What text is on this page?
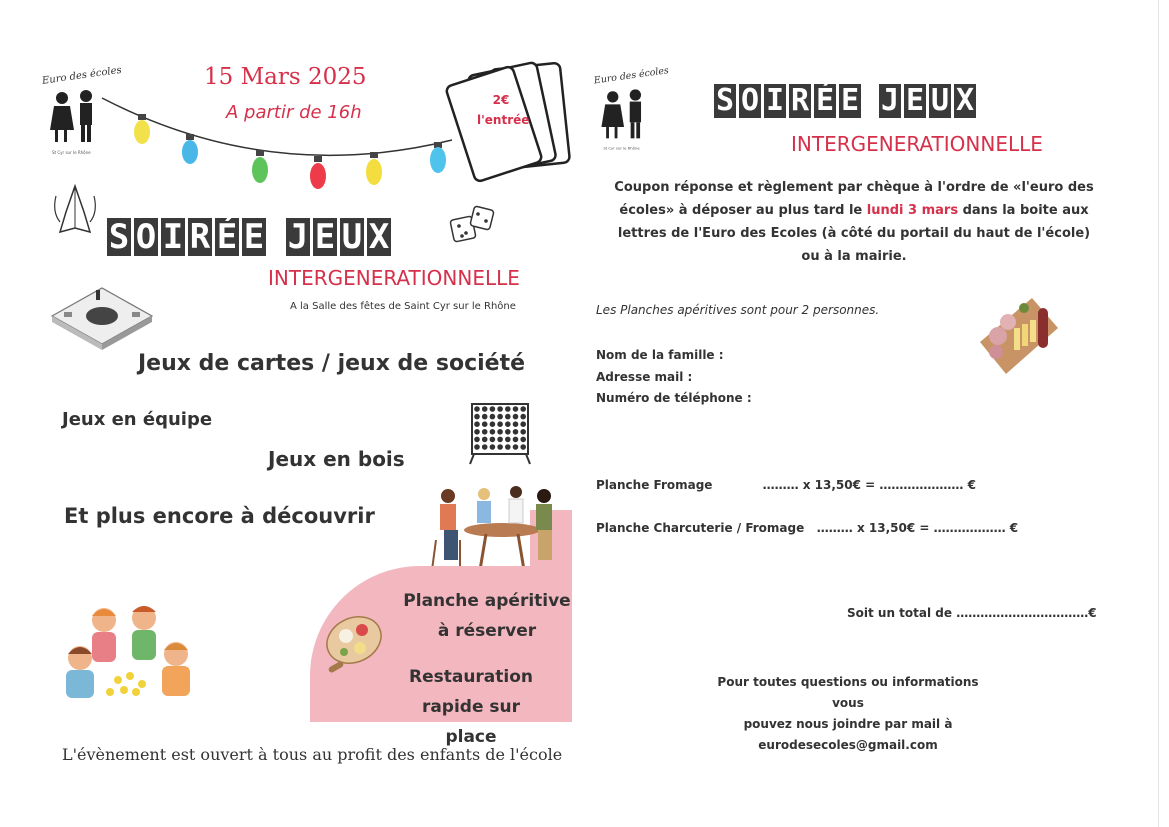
Euro des écoles
St Cyr sur le Rhône
15 Mars 2025
A partir de 16h
2€
l'entrée
S O I R É E J E U X
INTERGENERATIONNELLE
A la Salle des fêtes de Saint Cyr sur le Rhône
Jeux de cartes / jeux de société
Jeux en équipe
Jeux en bois
Et plus encore à découvrir
Planche apéritive
à réserver
Restauration
rapide sur place
L'évènement est ouvert à tous au profit des enfants de l'école
Euro des écoles
St Cyr sur le Rhône
S O I R É E J E U X
INTERGENERATIONNELLE
Coupon réponse et règlement par chèque à l'ordre de «l'euro des écoles» à déposer au plus tard le lundi 3 mars dans la boite aux lettres de l'Euro des Ecoles (à côté du portail du haut de l'école) ou à la mairie.
Les Planches apéritives sont pour 2 personnes.
Nom de la famille :
Adresse mail :
Numéro de téléphone :
Planche Fromage            ……… x 13,50€ = ………………… €
Planche Charcuterie / Fromage   ……… x 13,50€ = ……………… €
Soit un total de ……………………………€
Pour toutes questions ou informations vous
pouvez nous joindre par mail à
eurodesecoles@gmail.com
